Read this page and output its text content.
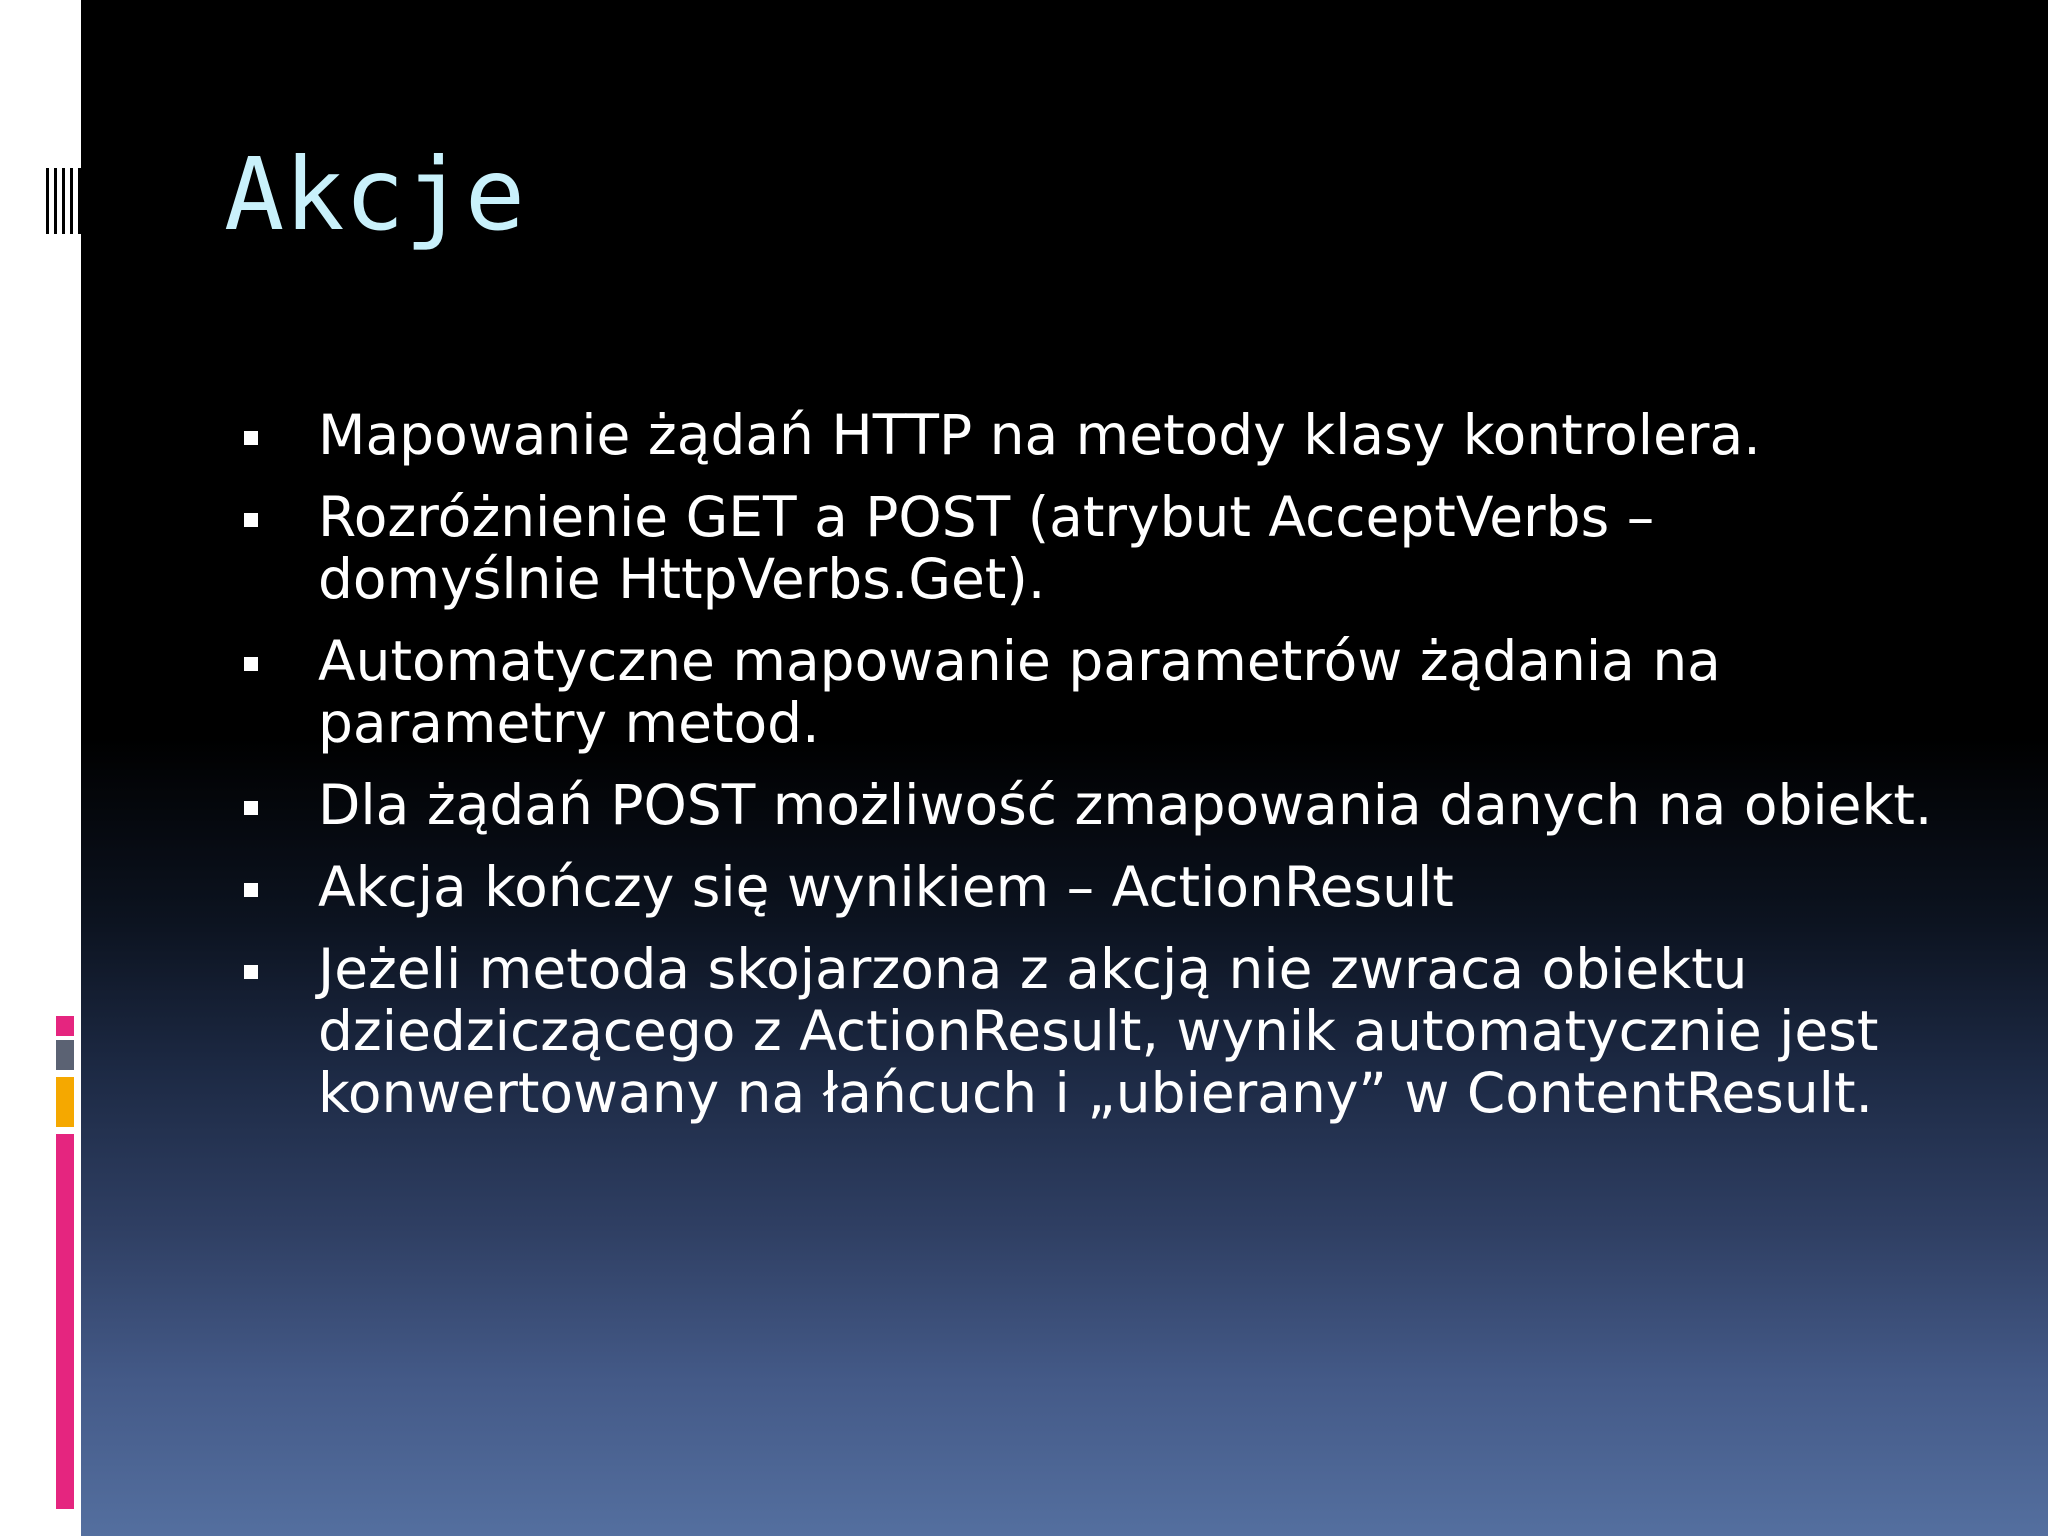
Akcje
Mapowanie żądań HTTP na metody klasy kontrolera.
Rozróżnienie GET a POST (atrybut AcceptVerbs –
domyślnie HttpVerbs.Get).
Automatyczne mapowanie parametrów żądania na
parametry metod.
Dla żądań POST możliwość zmapowania danych na obiekt.
Akcja kończy się wynikiem – ActionResult
Jeżeli metoda skojarzona z akcją nie zwraca obiektu
dziedziczącego z ActionResult, wynik automatycznie jest
konwertowany na łańcuch i „ubierany” w ContentResult.
